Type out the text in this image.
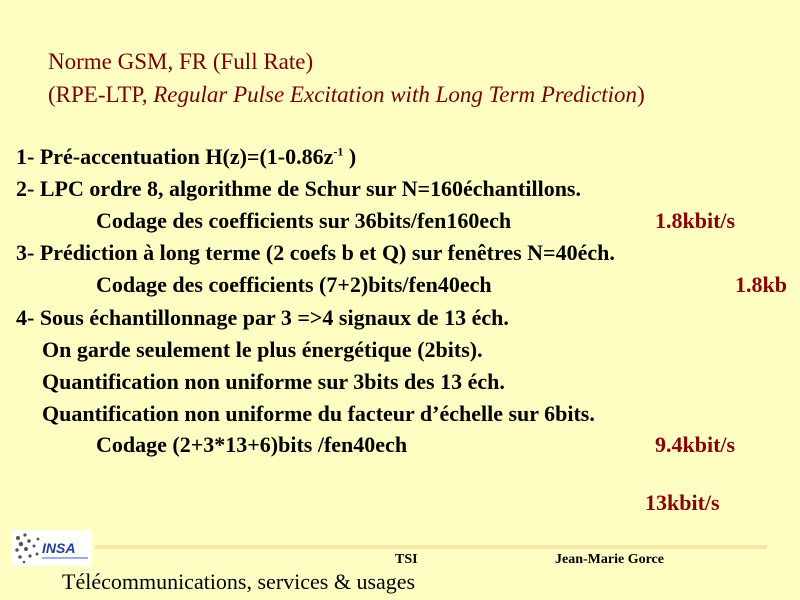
Norme GSM, FR (Full Rate)
(RPE-LTP, Regular Pulse Excitation with Long Term Prediction)
1- Pré-accentuation $H(z)=(1-0.86z^{-1}$ )
2- LPC ordre 8, algorithme de Schur sur N=160échantillons.
Codage des coefficients sur 36bits/fen160ech	1.8kbit/s
3- Prédiction à long terme (2 coefs b et Q) sur fenêtres N=40éch.
Codage des coefficients (7+2)bits/fen40ech	1.8kb
4- Sous échantillonnage par 3 =>4 signaux de 13 éch.
On garde seulement le plus énergétique (2bits).
Quantification non uniforme sur 3bits des 13 éch.
Quantification non uniforme du facteur d’échelle sur 6bits.
Codage (2+3*13+6)bits /fen40ech	9.4kbit/s
13kbit/s
INSA
TSI	Jean-Marie Gorce
Télécommunications, services & usages
